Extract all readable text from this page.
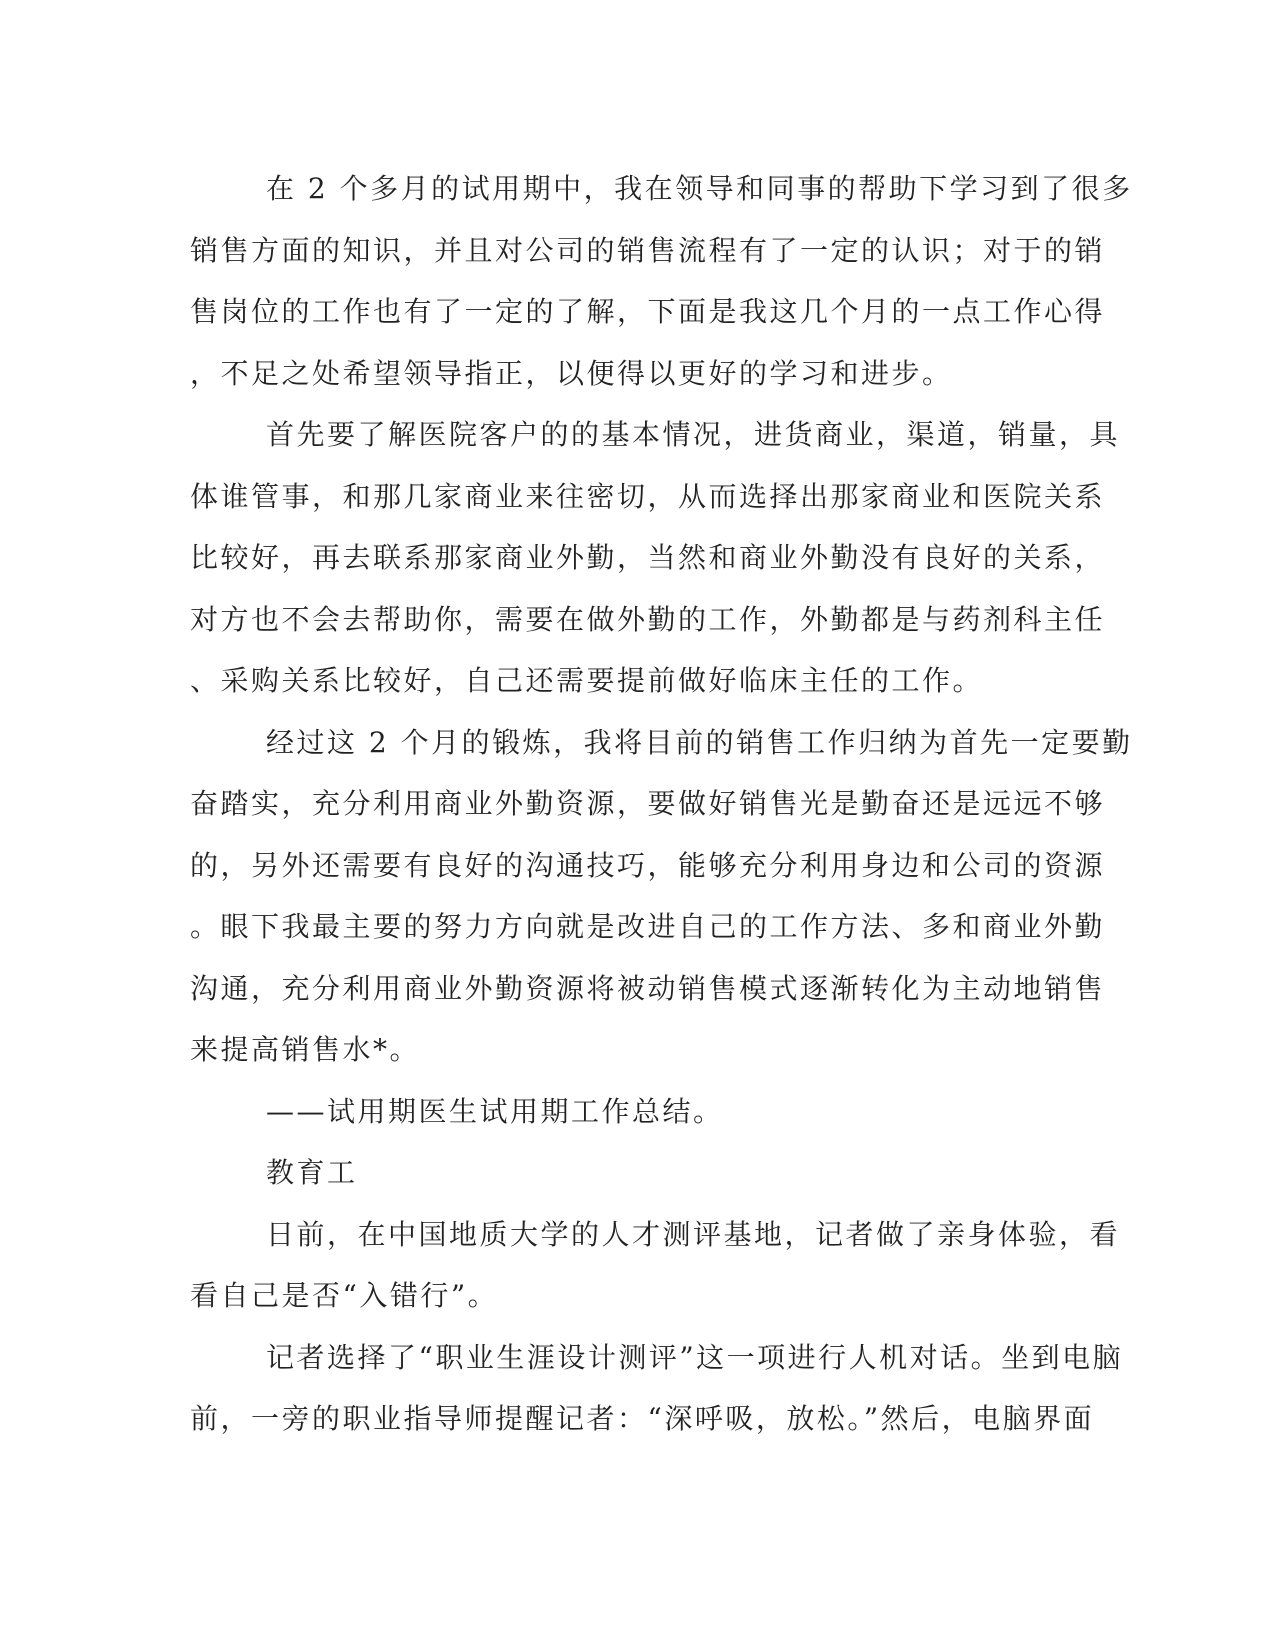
在 2 个多月的试用期中，我在领导和同事的帮助下学习到了很多
销售方面的知识，并且对公司的销售流程有了一定的认识；对于的销
售岗位的工作也有了一定的了解，下面是我这几个月的一点工作心得
，不足之处希望领导指正，以便得以更好的学习和进步。
首先要了解医院客户的的基本情况，进货商业，渠道，销量，具
体谁管事，和那几家商业来往密切，从而选择出那家商业和医院关系
比较好，再去联系那家商业外勤，当然和商业外勤没有良好的关系，
对方也不会去帮助你，需要在做外勤的工作，外勤都是与药剂科主任
、采购关系比较好，自己还需要提前做好临床主任的工作。
经过这 2 个月的锻炼，我将目前的销售工作归纳为首先一定要勤
奋踏实，充分利用商业外勤资源，要做好销售光是勤奋还是远远不够
的，另外还需要有良好的沟通技巧，能够充分利用身边和公司的资源
。眼下我最主要的努力方向就是改进自己的工作方法、多和商业外勤
沟通，充分利用商业外勤资源将被动销售模式逐渐转化为主动地销售
来提高销售水*。
——试用期医生试用期工作总结。
教育工
日前，在中国地质大学的人才测评基地，记者做了亲身体验，看
看自己是否“入错行”。
记者选择了“职业生涯设计测评”这一项进行人机对话。坐到电脑
前，一旁的职业指导师提醒记者：“深呼吸，放松。”然后，电脑界面
